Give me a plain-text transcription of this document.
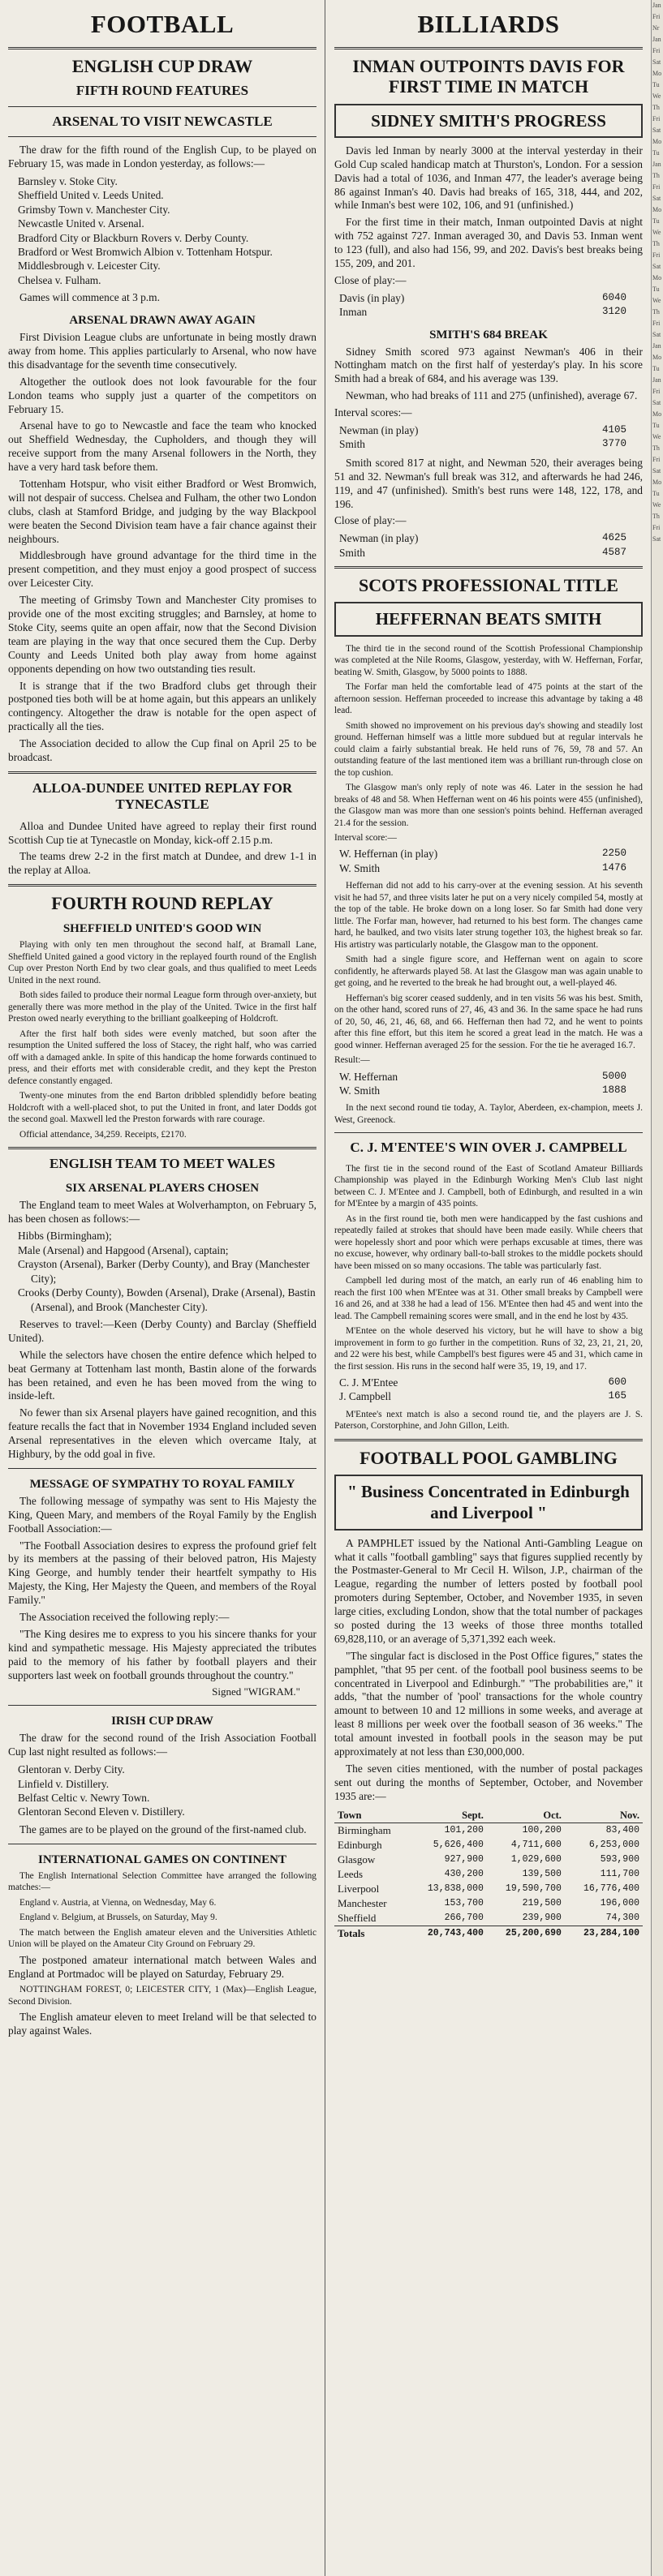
FOOTBALL
ENGLISH CUP DRAW
FIFTH ROUND FEATURES
ARSENAL TO VISIT NEWCASTLE

The draw for the fifth round of the English Cup, to be played on February 15, was made in London yesterday, as follows:—

Barnsley v. Stoke City.
Sheffield United v. Leeds United.
Grimsby Town v. Manchester City.
Newcastle United v. Arsenal.
Bradford City or Blackburn Rovers v. Derby County.
Bradford or West Bromwich Albion v. Tottenham Hotspur.
Middlesbrough v. Leicester City.
Chelsea v. Fulham.

Games will commence at 3 p.m.

ARSENAL DRAWN AWAY AGAIN

First Division League clubs are unfortunate in being mostly drawn away from home. This applies particularly to Arsenal, who now have this disadvantage for the seventh time consecutively.

Altogether the outlook does not look favourable for the four London teams who supply just a quarter of the competitors on February 15.

Arsenal have to go to Newcastle and face the team who knocked out Sheffield Wednesday, the Cupholders, and though they will receive support from the many Arsenal followers in the North, they have a very hard task before them.

Tottenham Hotspur, who visit either Bradford or West Bromwich, will not despair of success. Chelsea and Fulham, the other two London clubs, clash at Stamford Bridge, and judging by the way Blackpool were beaten the Second Division team have a fair chance against their neighbours.

Middlesbrough have ground advantage for the third time in the present competition, and they must enjoy a good prospect of success over Leicester City.

The meeting of Grimsby Town and Manchester City promises to provide one of the most exciting struggles; and Barnsley, at home to Stoke City, seems quite an open affair, now that the Second Division team are playing in the way that once secured them the Cup. Derby County and Leeds United both play away from home against opponents depending on how two outstanding ties result.

It is strange that if the two Bradford clubs get through their postponed ties both will be at home again, but this appears an unlikely contingency. Altogether the draw is notable for the open aspect of practically all the ties.

The Association decided to allow the Cup final on April 25 to be broadcast.

ALLOA-DUNDEE UNITED REPLAY FOR TYNECASTLE

Alloa and Dundee United have agreed to replay their first round Scottish Cup tie at Tynecastle on Monday, kick-off 2.15 p.m.

The teams drew 2-2 in the first match at Dundee, and drew 1-1 in the replay at Alloa.

FOURTH ROUND REPLAY
SHEFFIELD UNITED'S GOOD WIN

Playing with only ten men throughout the second half, at Bramall Lane, Sheffield United gained a good victory in the replayed fourth round of the English Cup over Preston North End by two clear goals, and thus qualified to meet Leeds United in the next round.

Both sides failed to produce their normal League form through over-anxiety, but generally there was more method in the play of the United. Twice in the first half Preston owed nearly everything to the brilliant goalkeeping of Holdcroft.

After the first half both sides were evenly matched, but soon after the resumption the United suffered the loss of Stacey, the right half, who was carried off with a damaged ankle. In spite of this handicap the home forwards continued to press, and their efforts met with considerable credit, and they kept the Preston defence constantly engaged.

Twenty-one minutes from the end Barton dribbled splendidly before beating Holdcroft with a well-placed shot, to put the United in front, and later Dodds got the second goal. Maxwell led the Preston forwards with rare courage.

Official attendance, 34,259. Receipts, £2170.

ENGLISH TEAM TO MEET WALES
SIX ARSENAL PLAYERS CHOSEN

The England team to meet Wales at Wolverhampton, on February 5, has been chosen as follows:—

Hibbs (Birmingham);
Male (Arsenal) and Hapgood (Arsenal), captain;
Crayston (Arsenal), Barker (Derby County), and Bray (Manchester City);
Crooks (Derby County), Bowden (Arsenal), Drake (Arsenal), Bastin (Arsenal), and Brook (Manchester City).

Reserves to travel:—Keen (Derby County) and Barclay (Sheffield United).

While the selectors have chosen the entire defence which helped to beat Germany at Tottenham last month, Bastin alone of the forwards has been retained, and even he has been moved from the wing to inside-left.

No fewer than six Arsenal players have gained recognition, and this feature recalls the fact that in November 1934 England included seven Arsenal representatives in the eleven which overcame Italy, at Highbury, by the odd goal in five.

MESSAGE OF SYMPATHY TO ROYAL FAMILY

The following message of sympathy was sent to His Majesty the King, Queen Mary, and members of the Royal Family by the English Football Association:—

"The Football Association desires to express the profound grief felt by its members at the passing of their beloved patron, His Majesty King George, and humbly tender their heartfelt sympathy to His Majesty, the King, Her Majesty the Queen, and members of the Royal Family."

The Association received the following reply:—

"The King desires me to express to you his sincere thanks for your kind and sympathetic message. His Majesty appreciated the tributes paid to the memory of his father by football players and their supporters last week on football grounds throughout the country."

Signed "WIGRAM."
IRISH CUP DRAW

The draw for the second round of the Irish Association Football Cup last night resulted as follows:—

Glentoran v. Derby City.
Linfield v. Distillery.
Belfast Celtic v. Newry Town.
Glentoran Second Eleven v. Distillery.

The games are to be played on the ground of the first-named club.

INTERNATIONAL GAMES ON CONTINENT

The English International Selection Committee have arranged the following matches:—

England v. Austria, at Vienna, on Wednesday, May 6.

England v. Belgium, at Brussels, on Saturday, May 9.

The match between the English amateur eleven and the Universities Athletic Union will be played on the Amateur City Ground on February 29.

The postponed amateur international match between Wales and England at Portmadoc will be played on Saturday, February 29.

NOTTINGHAM FOREST, 0; LEICESTER CITY, 1 (Max)—English League, Second Division.

The English amateur eleven to meet Ireland will be that selected to play against Wales.

BILLIARDS
INMAN OUTPOINTS DAVIS FOR FIRST TIME IN MATCH
SIDNEY SMITH'S PROGRESS

Davis led Inman by nearly 3000 at the interval yesterday in their Gold Cup scaled handicap match at Thurston's, London. For a session Davis had a total of 1036, and Inman 477, the leader's average being 86 against Inman's 40. Davis had breaks of 165, 318, 444, and 202, while Inman's best were 102, 106, and 91 (unfinished.)

For the first time in their match, Inman outpointed Davis at night with 752 against 727. Inman averaged 30, and Davis 53. Inman went to 123 (full), and also had 156, 99, and 202. Davis's best breaks being 155, 209, and 201.

Close of play:—

Davis (in play)	6040
Inman	3120
SMITH'S 684 BREAK

Sidney Smith scored 973 against Newman's 406 in their Nottingham match on the first half of yesterday's play. In his score Smith had a break of 684, and his average was 139.

Newman, who had breaks of 111 and 275 (unfinished), average 67.

Interval scores:—

Newman (in play)	4105
Smith	3770

Smith scored 817 at night, and Newman 520, their averages being 51 and 32. Newman's full break was 312, and afterwards he had 246, 119, and 47 (unfinished). Smith's best runs were 148, 122, 178, and 196.

Close of play:—

Newman (in play)	4625
Smith	4587
SCOTS PROFESSIONAL TITLE
HEFFERNAN BEATS SMITH

The third tie in the second round of the Scottish Professional Championship was completed at the Nile Rooms, Glasgow, yesterday, with W. Heffernan, Forfar, beating W. Smith, Glasgow, by 5000 points to 1888.

The Forfar man held the comfortable lead of 475 points at the start of the afternoon session. Heffernan proceeded to increase this advantage by taking a 48 lead.

Smith showed no improvement on his previous day's showing and steadily lost ground. Heffernan himself was a little more subdued but at regular intervals he could claim a fairly substantial break. He held runs of 76, 59, 78 and 57. An outstanding feature of the last mentioned item was a brilliant run-through close on the top cushion.

The Glasgow man's only reply of note was 46. Later in the session he had breaks of 48 and 58. When Heffernan went on 46 his points were 455 (unfinished), the Glasgow man was more than one session's points behind. Heffernan averaged 21.4 for the session.

Interval score:—

W. Heffernan (in play)	2250
W. Smith	1476

Heffernan did not add to his carry-over at the evening session. At his seventh visit he had 57, and three visits later he put on a very nicely compiled 54, mostly at the top of the table. He broke down on a long loser. So far Smith had done very little. The Forfar man, however, had returned to his best form. The changes came hard, he baulked, and two visits later strung together 103, the highest break so far. His artistry was particularly notable, the Glasgow man to the opponent.

Smith had a single figure score, and Heffernan went on again to score confidently, he afterwards played 58. At last the Glasgow man was again unable to get going, and he reverted to the break he had brought out, a well-played 46.

Heffernan's big scorer ceased suddenly, and in ten visits 56 was his best. Smith, on the other hand, scored runs of 27, 46, 43 and 36. In the same space he had runs of 20, 50, 46, 21, 46, 68, and 66. Heffernan then had 72, and he went to points after this fine effort, but this item he scored a great lead in the match. He was a good winner. Heffernan averaged 25 for the session. For the tie he averaged 16.7.

Result:—

W. Heffernan	5000
W. Smith	1888

In the next second round tie today, A. Taylor, Aberdeen, ex-champion, meets J. West, Greenock.

C. J. M'ENTEE'S WIN OVER J. CAMPBELL

The first tie in the second round of the East of Scotland Amateur Billiards Championship was played in the Edinburgh Working Men's Club last night between C. J. M'Entee and J. Campbell, both of Edinburgh, and resulted in a win for M'Entee by a margin of 435 points.

As in the first round tie, both men were handicapped by the fast cushions and repeatedly failed at strokes that should have been made easily. While cheers that were hopelessly short and poor which were perhaps excusable at times, there was no excuse, however, why ordinary ball-to-ball strokes to the middle pockets should have been missed on so many occasions. The table was particularly fast.

Campbell led during most of the match, an early run of 46 enabling him to reach the first 100 when M'Entee was at 31. Other small breaks by Campbell were 16 and 26, and at 338 he had a lead of 156. M'Entee then had 45 and went into the lead. The Campbell remaining scores were small, and in the end he lost by 435.

M'Entee on the whole deserved his victory, but he will have to show a big improvement in form to go further in the competition. Runs of 32, 23, 21, 21, 20, and 22 were his best, while Campbell's best figures were 45 and 31, which came in the first session. His runs in the second half were 35, 19, 19, and 17.

C. J. M'Entee	600
J. Campbell	165

M'Entee's next match is also a second round tie, and the players are J. S. Paterson, Corstorphine, and John Gillon, Leith.

FOOTBALL POOL GAMBLING
" Business Concentrated in Edinburgh and Liverpool "

A PAMPHLET issued by the National Anti-Gambling League on what it calls "football gambling" says that figures supplied recently by the Postmaster-General to Mr Cecil H. Wilson, J.P., chairman of the League, regarding the number of letters posted by football pool promoters during September, October, and November 1935, in seven large cities, excluding London, show that the total number of packages so posted during the 13 weeks of those three months totalled 69,828,110, or an average of 5,371,392 each week.

"The singular fact is disclosed in the Post Office figures," states the pamphlet, "that 95 per cent. of the football pool business seems to be concentrated in Liverpool and Edinburgh." "The probabilities are," it adds, "that the number of 'pool' transactions for the whole country amount to between 10 and 12 millions in some weeks, and average at least 8 millions per week over the football season of 36 weeks." The total amount invested in football pools in the season may be put approximately at not less than £30,000,000.

The seven cities mentioned, with the number of postal packages sent out during the months of September, October, and November 1935 are:—

Town	Sept.	Oct.	Nov.
Birmingham	101,200	100,200	83,400
Edinburgh	5,626,400	4,711,600	6,253,000
Glasgow	927,900	1,029,600	593,900
Leeds	430,200	139,500	111,700
Liverpool	13,838,000	19,590,700	16,776,400
Manchester	153,700	219,500	196,000
Sheffield	266,700	239,900	74,300
Totals	20,743,400	25,200,690	23,284,100
Jan
Fri
Nr
Jan
Fri
Sat
Mo
Tu
We
Th
Fri
Sat
Mo
Tu
Jan
Th
Fri
Sat
Mo
Tu
We
Th
Fri
Sat
Mo
Tu
We
Th
Fri
Sat
Jan
Mo
Tu
Jan
Fri
Sat
Mo
Tu
We
Th
Fri
Sat
Mo
Tu
We
Th
Fri
Sat
